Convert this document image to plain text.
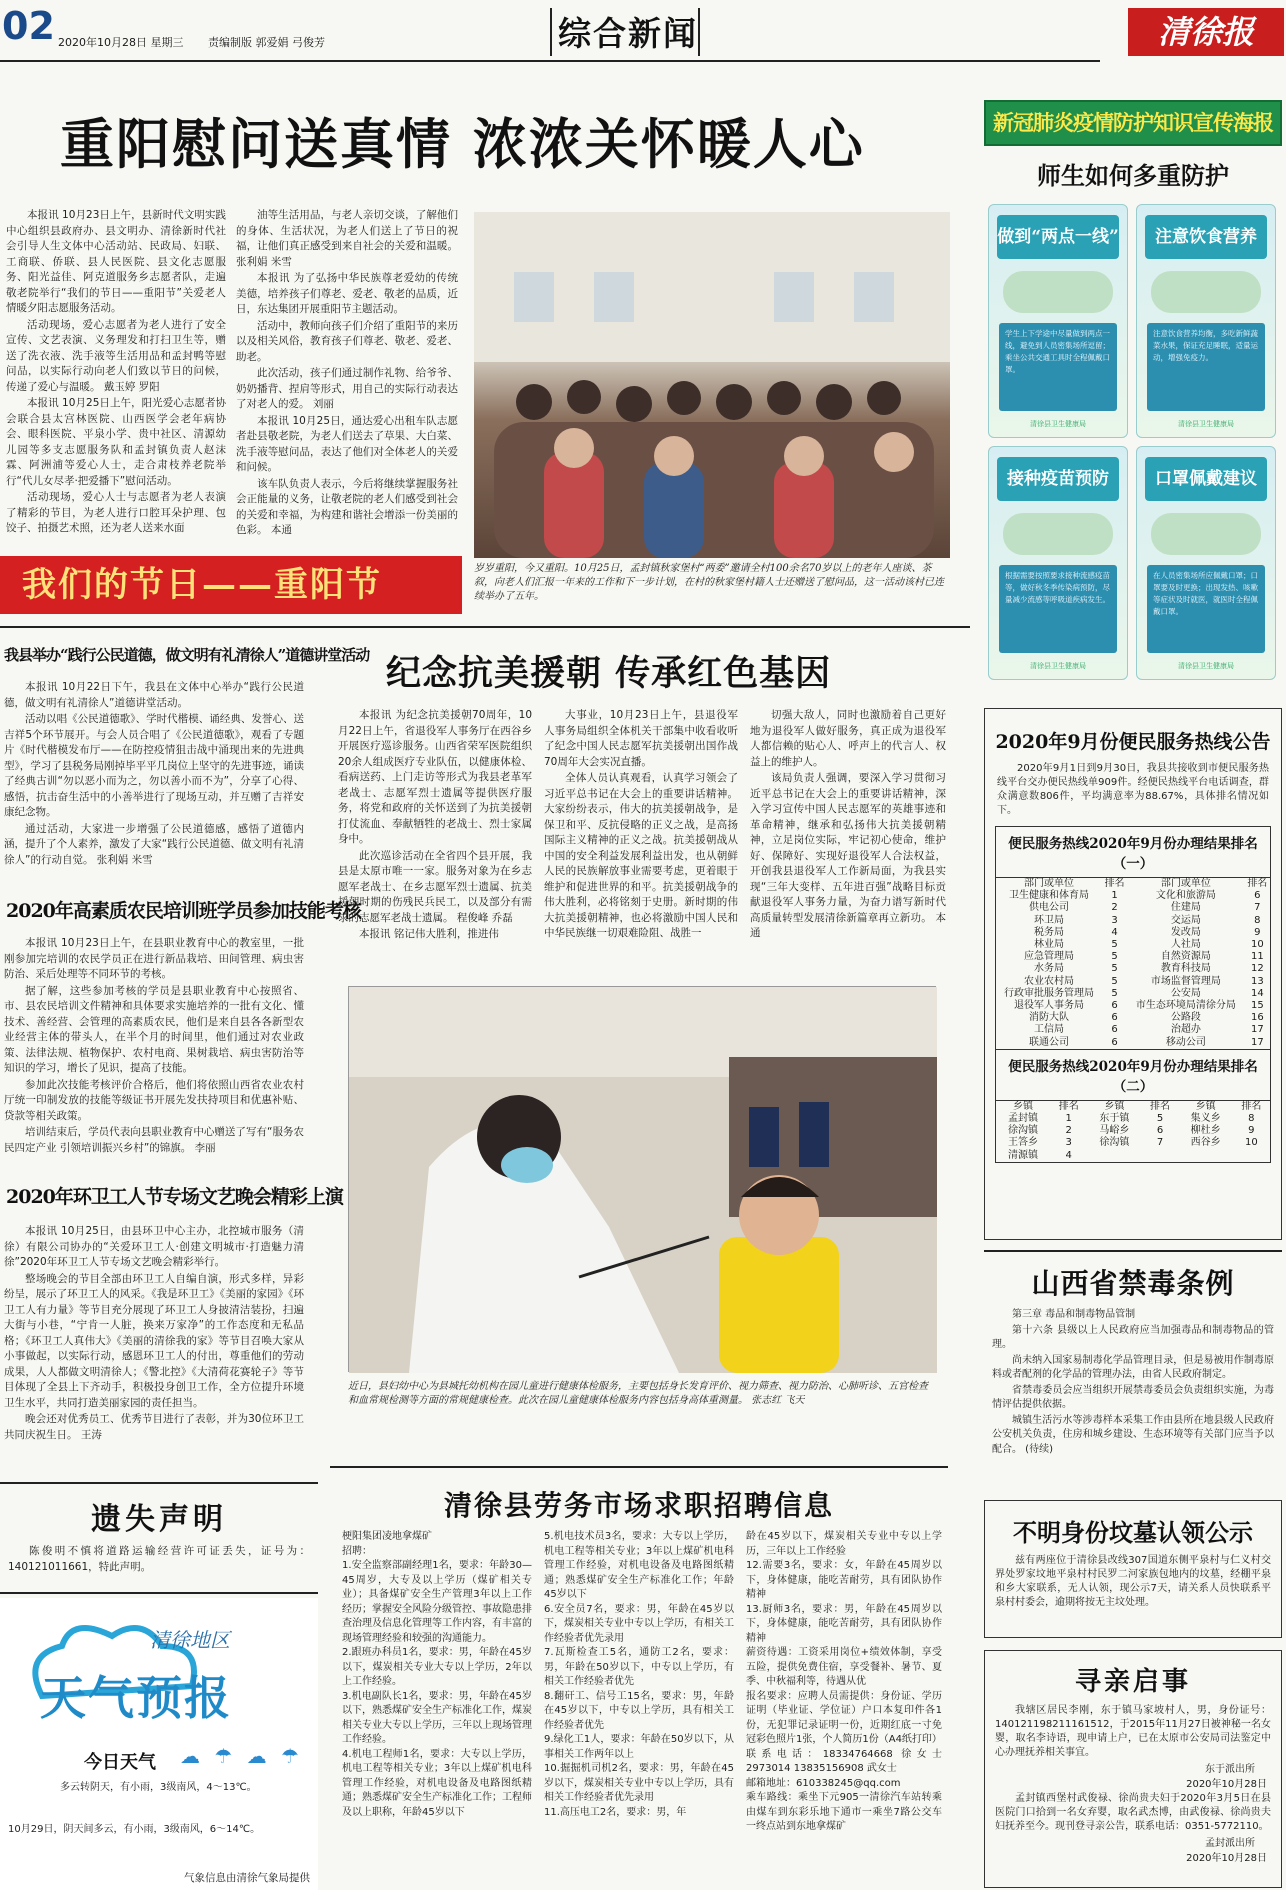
02 2020年10月28日 星期三 责编制版 郭爱娟 弓俊芳	综合新闻	清徐报
重阳慰问送真情 浓浓关怀暖人心

本报讯 10月23日上午，县新时代文明实践中心组织县政府办、县文明办、清徐新时代社会引导人生文体中心活动站、民政局、妇联、工商联、侨联、县人民医院、县文化志愿服务、阳光益佳、阿克道服务乡志愿者队，走遍敬老院举行“我们的节日——重阳节”关爱老人情暖夕阳志愿服务活动。

活动现场，爱心志愿者为老人进行了安全宣传、文艺表演、义务理发和打扫卫生等，赠送了洗衣液、洗手液等生活用品和孟封鸭等慰问品，以实际行动向老人们致以节日的问候，传递了爱心与温暖。 戴玉婷 罗阳

本报讯 10月25日上午，阳光爱心志愿者协会联合县太宫林医院、山西医学会老年病协会、眼科医院、平泉小学、贵中社区、清源幼儿园等多支志愿服务队和孟封镇负责人赵沫霖、阿洲浦等爱心人士，走合肃枝养老院举行“代儿女尽孝·把爱播下”慰问活动。

活动现场，爱心人士与志愿者为老人表演了精彩的节目，为老人进行口腔耳朵护理、包饺子、拍摄艺术照，还为老人送来水面

油等生活用品，与老人亲切交谈，了解他们的身体、生活状况，为老人们送上了节日的祝福，让他们真正感受到来自社会的关爱和温暖。 张利娟 米雪

本报讯 为了弘扬中华民族尊老爱幼的传统美德，培养孩子们尊老、爱老、敬老的品质，近日，东达集团开展重阳节主题活动。

活动中，教师向孩子们介绍了重阳节的来历以及相关风俗，教育孩子们尊老、敬老、爱老、助老。

此次活动，孩子们通过制作礼物、给爷爷、奶奶播背、捏肩等形式，用自己的实际行动表达了对老人的爱。 刘丽

本报讯 10月25日，通达爱心出租车队志愿者赴县敬老院，为老人们送去了草果、大白菜、洗手液等慰问品，表达了他们对全体老人的关爱和问候。

该车队负责人表示，今后将继续掌握服务社会正能量的义务，让敬老院的老人们感受到社会的关爱和幸福，为构建和谐社会增添一份美丽的色彩。 本通

岁岁重阳，今又重阳。10月25日，孟封镇秋家堡村“两委”邀请全村100余名70岁以上的老年人座谈、茶叙，向老人们汇报一年来的工作和下一步计划，在村的秋家堡村籍人士还赠送了慰问品，这一活动该村已连续举办了五年。
我们的节日——重阳节
我县举办“践行公民道德，做文明有礼清徐人”道德讲堂活动

本报讯 10月22日下午，我县在文体中心举办“践行公民道德，做文明有礼清徐人”道德讲堂活动。

活动以唱《公民道德歌》、学时代楷模、诵经典、发誉心、送吉祥5个环节展开。与会人员合唱了《公民道德歌》，观看了专题片《时代楷模发布厅——在防控疫情狙击战中涌现出来的先进典型》，学习了县税务局刚掉毕平平几岗位上坚守的先进事迹，诵读了经典古训“勿以恶小而为之，勿以善小而不为”，分享了心得、感悟，抗击奋生活中的小善举进行了现场互动，并互赠了吉祥安康纪念物。

通过活动，大家进一步增强了公民道德感，感悟了道德内涵，提升了个人素养，激发了大家“践行公民道德、做文明有礼清徐人”的行动自觉。 张利娟 米雪

2020年高素质农民培训班学员参加技能考核

本报讯 10月23日上午，在县职业教育中心的教室里，一批刚参加完培训的农民学员正在进行新品栽培、田间管理、病虫害防治、采后处理等不同环节的考核。

据了解，这些参加考核的学员是县职业教育中心按照省、市、县农民培训文件精神和具体要求实施培养的一批有文化、懂技术、善经营、会管理的高素质农民，他们是来自县各各新型农业经营主体的带头人，在半个月的时间里，他们通过对农业政策、法律法规、植物保护、农村电商、果树栽培、病虫害防治等知识的学习，增长了见识，提高了技能。

参加此次技能考核评价合格后，他们将依照山西省农业农村厅统一印制发放的技能等级证书开展先发扶持项目和优惠补贴、贷款等相关政策。

培训结束后，学员代表向县职业教育中心赠送了写有“服务农民四定产业 引领培训振兴乡村”的锦旗。 李丽

2020年环卫工人节专场文艺晚会精彩上演

本报讯 10月25日，由县环卫中心主办，北控城市服务（清徐）有限公司协办的“关爱环卫工人·创建文明城市·打造魅力清徐”2020年环卫工人节专场文艺晚会精彩举行。

整场晚会的节目全部由环卫工人自编自演，形式多样，异彩纷呈，展示了环卫工人的风采。《我是环卫工》《美丽的家园》《环卫工人有力量》等节目充分展现了环卫工人身披清洁装扮，扫遍大街与小巷，“宁肯一人脏，换来万家净”的工作态度和无私品格；《环卫工人真伟大》《美丽的清徐我的家》等节目召唤大家从小事做起，以实际行动，感恩环卫工人的付出，尊重他们的劳动成果，人人都做文明清徐人；《警北控》《大清荷花赛轮子》等节目体现了全县上下齐动手，积极投身创卫工作，全方位提升环境卫生水平，共同打造美丽家园的责任担当。

晚会还对优秀员工、优秀节目进行了表彰，并为30位环卫工共同庆祝生日。 王涛

纪念抗美援朝 传承红色基因

本报讯 为纪念抗美援朝70周年，10月22日上午，省退役军人事务厅在西谷乡开展医疗巡诊服务。山西省荣军医院组织20余人组成医疗专业队伍，以健康体检、看病送药、上门走访等形式为我县老革军老战士、志愿军烈士遗属等提供医疗服务，将党和政府的关怀送到了为抗美援朝打仗流血、奉献牺牲的老战士、烈士家属身中。

此次巡诊活动在全省四个县开展，我县是太原市唯一一家。服务对象为在乡志愿军老战士、在乡志愿军烈士遗属、抗美援朝时期的伤残民兵民工，以及部分有需求的志愿军老战士遗属。 程俊峰 乔磊

本报讯 铭记伟大胜利，推进伟

大事业，10月23日上午，县退役军人事务局组织全体机关干部集中收看收听了纪念中国人民志愿军抗美援朝出国作战70周年大会实况直播。

全体人员认真观看，认真学习领会了习近平总书记在大会上的重要讲话精神。大家纷纷表示，伟大的抗美援朝战争，是保卫和平、反抗侵略的正义之战，是高扬国际主义精神的正义之战。抗美援朝战从中国的安全利益发展利益出发，也从朝鲜人民的民族解放事业需要考虑，更着眼于维护和促进世界的和平。抗美援朝战争的伟大胜利，必将铭刻于史册。新时期的伟大抗美援朝精神，也必将激励中国人民和中华民族继一切艰难险阻、战胜一

切强大敌人，同时也激励着自己更好地为退役军人做好服务，真正成为退役军人都信赖的贴心人、呼声上的代言人、权益上的维护人。

该局负责人强调，要深入学习贯彻习近平总书记在大会上的重要讲话精神，深入学习宣传中国人民志愿军的英雄事迹和革命精神，继承和弘扬伟大抗美援朝精神，立足岗位实际，牢记初心使命，维护好、保障好、实现好退役军人合法权益，开创我县退役军人工作新局面，为我县实现“三年大变样、五年进百强”战略目标贡献退役军人事务力量，为奋力谱写新时代高质量转型发展清徐新篇章再立新功。 本通

近日，县妇幼中心为县城托幼机构在园儿童进行健康体检服务，主要包括身长发育评价、视力筛查、视力防治、心肺听诊、五官检查和血常规检测等方面的常规健康检查。此次在园儿童健康体检服务内容包括身高体重测量。 张志红 飞天
遗失声明
陈俊明不慎将道路运输经营许可证丢失，证号为：140121011661，特此声明。
清徐地区
天气预报
今日天气 ☁ ☂ ☁ ☂
多云转阴天，有小雨，3级南风，4～13℃。
10月29日，阴天间多云，有小雨，3级南风，6～14℃。
气象信息由清徐气象局提供
清徐县劳务市场求职招聘信息
梗阳集团凌地拿煤矿
招聘：
1.安全监察部副经理1名，要求：年龄30—45周岁，大专及以上学历（煤矿相关专业）；具备煤矿安全生产管理3年以上工作经历；掌握安全风险分级管控、事故隐患排查治理及信息化管理等工作内容，有丰富的现场管理经验和较强的沟通能力。
2.跟班办科员1名，要求：男，年龄在45岁以下，煤炭相关专业大专以上学历，2年以上工作经验。
3.机电副队长1名，要求：男，年龄在45岁以下，熟悉煤矿安全生产标准化工作，煤炭相关专业大专以上学历，三年以上现场管理工作经验。
4.机电工程师1名，要求：大专以上学历，机电工程等相关专业；3年以上煤矿机电科管理工作经验，对机电设备及电路图纸精通；熟悉煤矿安全生产标准化工作；工程师及以上职称，年龄45岁以下
5.机电技术员3名，要求：大专以上学历，机电工程等相关专业；3年以上煤矿机电科管理工作经验，对机电设备及电路图纸精通；熟悉煤矿安全生产标准化工作；年龄45岁以下
6.安全员7名，要求：男，年龄在45岁以下，煤炭相关专业中专以上学历，有相关工作经验者优先录用
7.瓦斯检查工5名，通防工2名，要求：男，年龄在50岁以下，中专以上学历，有相关工作经验者优先
8.翻矸工、信号工15名，要求：男，年龄在45岁以下，中专以上学历，具有相关工作经验者优先
9.绿化工1人，要求：年龄在50岁以下，从事相关工作两年以上
10.掘掘机司机2名，要求：男，年龄在45岁以下，煤炭相关专业中专以上学历，具有相关工作经验者优先录用
11.高压电工2名，要求：男，年
龄在45岁以下，煤炭相关专业中专以上学历，三年以上工作经验
12.需要3名，要求：女，年龄在45周岁以下，身体健康，能吃苦耐劳，具有团队协作精神
13.厨师3名，要求：男，年龄在45周岁以下，身体健康，能吃苦耐劳，具有团队协作精神
薪资待遇：工资采用岗位+绩效体制，享受五险，提供免费住宿，享受餐补、暑节、夏季、中秋福利等，待遇从优
报名要求：应聘人员需提供：身份证、学历证明（毕业证、学位证）户口本复印件各1份，无犯罪记录证明一份，近期红底一寸免冠彩色照片1张，个人简历1份（A4纸打印）
联系电话：18334764668 徐女士 2973014 13835156908 武女士
邮箱地址：610338245@qq.com
乘车路线：乘坐下元905一清徐汽车站转乘由煤车到东彩乐地下通市一乘坐7路公交车一终点站到东地拿煤矿
新冠肺炎疫情防护知识宣传海报
师生如何多重防护
做到“两点一线”
学生上下学途中尽量做到两点一线，避免到人员密集场所逗留；乘坐公共交通工具时全程佩戴口罩。
清徐县卫生健康局
注意饮食营养
注意饮食营养均衡，多吃新鲜蔬菜水果，保证充足睡眠，适量运动，增强免疫力。
清徐县卫生健康局
接种疫苗预防
根据需要按照要求接种流感疫苗等，做好秋冬季传染病预防，尽量减少流感等呼吸道疾病发生。
清徐县卫生健康局
口罩佩戴建议
在人员密集场所应佩戴口罩；口罩要及时更换；出现发热、咳嗽等症状及时就医，就医时全程佩戴口罩。
清徐县卫生健康局
2020年9月份便民服务热线公告
2020年9月1日到9月30日，我县共接收到市便民服务热线平台交办便民热线单909件。经便民热线平台电话调查，群众满意数806件，平均满意率为88.67%，具体排名情况如下。
便民服务热线2020年9月份办理结果排名（一）
部门或单位	排名	部门或单位	排名
卫生健康和体育局	1	文化和旅游局	6
供电公司	2	住建局	7
环卫局	3	交运局	8
税务局	4	发改局	9
林业局	5	人社局	10
应急管理局	5	自然资源局	11
水务局	5	教育科技局	12
农业农村局	5	市场监督管理局	13
行政审批服务管理局	5	公安局	14
退役军人事务局	6	市生态环境局清徐分局	15
消防大队	6	公路段	16
工信局	6	治超办	17
联通公司	6	移动公司	17
便民服务热线2020年9月份办理结果排名（二）
乡镇	排名	乡镇	排名	乡镇	排名
孟封镇	1	东于镇	5	集义乡	8
徐沟镇	2	马峪乡	6	柳杜乡	9
王答乡	3	徐沟镇	7	西谷乡	10
清源镇	4				
山西省禁毒条例

第三章 毒品和制毒物品管制

第十六条 县级以上人民政府应当加强毒品和制毒物品的管理。

尚未纳入国家易制毒化学品管理目录，但是易被用作制毒原料或者配剂的化学品的管理办法，由省人民政府制定。

省禁毒委员会应当组织开展禁毒委员会负责组织实施，为毒情评估提供依据。

城镇生活污水等涉毒样本采集工作由县所在地县级人民政府公安机关负责，住房和城乡建设、生态环境等有关部门应当予以配合。 (待续)

不明身份坟墓认领公示
兹有两座位于清徐县改线307国道东侧平泉村与仁义村交界处罗家坟地平泉村村民罗二河家族包地内的坟墓，经棚平泉和乡大家联系，无人认领，现公示7天，请关系人员快联系平泉村村委会，逾期将按无主坟处理。
寻亲启事
我辖区居民李刚，东于镇马家坡村人，男，身份证号：140121198211161512，于2015年11月27日被神秘一名女婴，取名李诗语，现申请上户，已在太原市公安局司法鉴定中心办理抚养相关事宜。
东于派出所
2020年10月28日
孟封镇西堡村武俊禄、徐尚贵夫妇于2020年3月5日在县医院门口拾到一名女弃婴，取名武杰博，由武俊禄、徐尚贵夫妇抚养至今。现刊登寻亲公告，联系电话：0351-5772110。
孟封派出所
2020年10月28日
